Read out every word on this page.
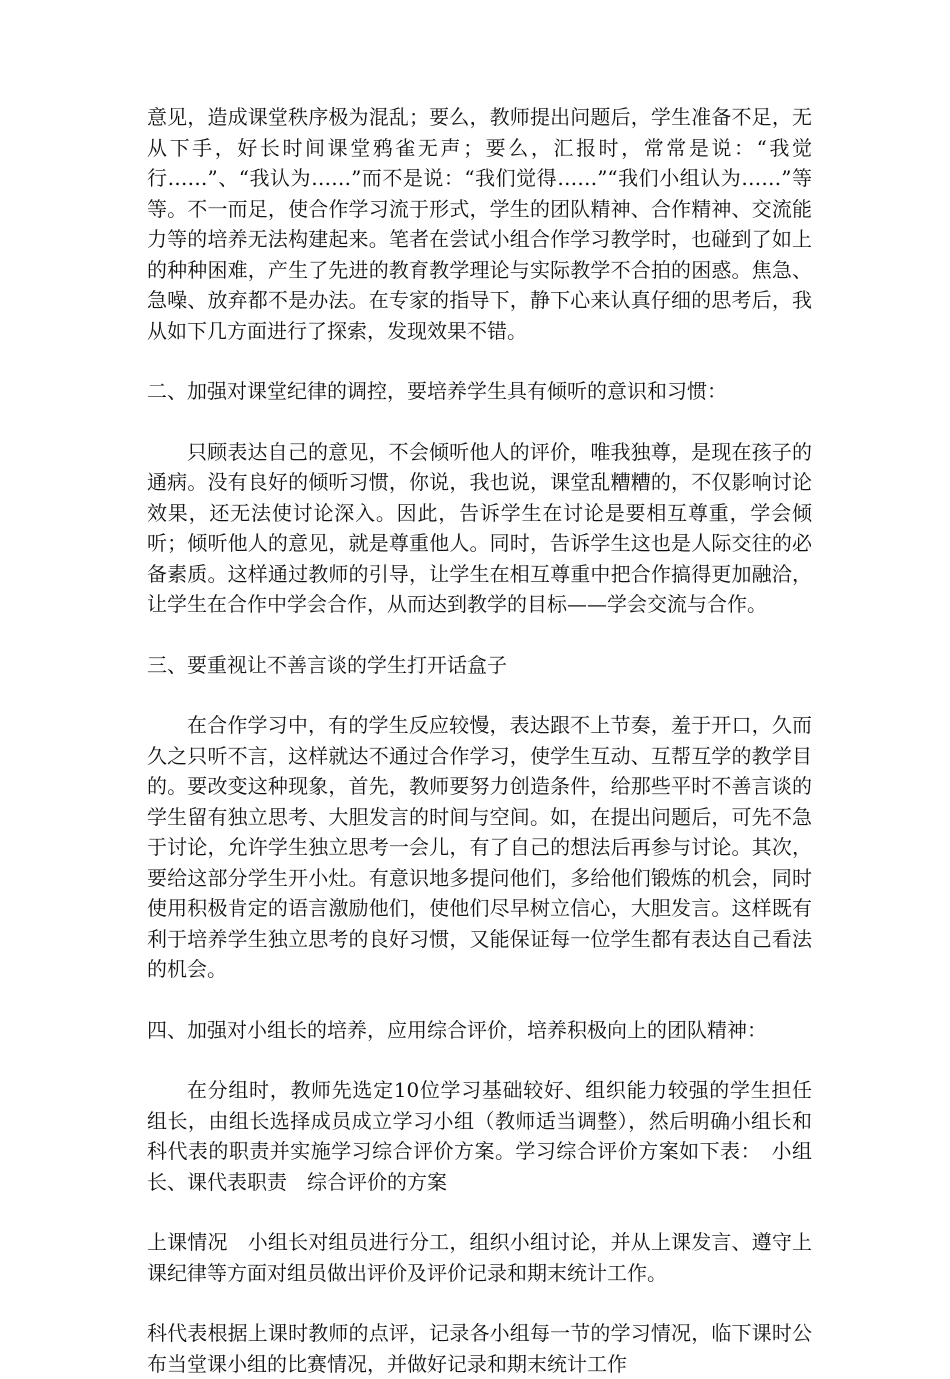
意见，造成课堂秩序极为混乱；要么，教师提出问题后，学生准备不足，无从下手，好长时间课堂鸦雀无声；要么，汇报时，常常是说：“我觉行……”、“我认为……”而不是说：“我们觉得……”“我们小组认为……”等等。不一而足，使合作学习流于形式，学生的团队精神、合作精神、交流能力等的培养无法构建起来。笔者在尝试小组合作学习教学时，也碰到了如上的种种困难，产生了先进的教育教学理论与实际教学不合拍的困惑。焦急、急噪、放弃都不是办法。在专家的指导下，静下心来认真仔细的思考后，我从如下几方面进行了探索，发现效果不错。

二、加强对课堂纪律的调控，要培养学生具有倾听的意识和习惯：

只顾表达自己的意见，不会倾听他人的评价，唯我独尊，是现在孩子的通病。没有良好的倾听习惯，你说，我也说，课堂乱糟糟的，不仅影响讨论效果，还无法使讨论深入。因此，告诉学生在讨论是要相互尊重，学会倾听；倾听他人的意见，就是尊重他人。同时，告诉学生这也是人际交往的必备素质。这样通过教师的引导，让学生在相互尊重中把合作搞得更加融洽，让学生在合作中学会合作，从而达到教学的目标——学会交流与合作。

三、要重视让不善言谈的学生打开话盒子

在合作学习中，有的学生反应较慢，表达跟不上节奏，羞于开口，久而久之只听不言，这样就达不通过合作学习，使学生互动、互帮互学的教学目的。要改变这种现象，首先，教师要努力创造条件，给那些平时不善言谈的学生留有独立思考、大胆发言的时间与空间。如，在提出问题后，可先不急于讨论，允许学生独立思考一会儿，有了自己的想法后再参与讨论。其次，要给这部分学生开小灶。有意识地多提问他们，多给他们锻炼的机会，同时使用积极肯定的语言激励他们，使他们尽早树立信心，大胆发言。这样既有利于培养学生独立思考的良好习惯，又能保证每一位学生都有表达自己看法的机会。

四、加强对小组长的培养，应用综合评价，培养积极向上的团队精神：

在分组时，教师先选定10位学习基础较好、组织能力较强的学生担任组长，由组长选择成员成立学习小组（教师适当调整），然后明确小组长和科代表的职责并实施学习综合评价方案。学习综合评价方案如下表：　小组长、课代表职责　综合评价的方案

上课情况　小组长对组员进行分工，组织小组讨论，并从上课发言、遵守上课纪律等方面对组员做出评价及评价记录和期末统计工作。

科代表根据上课时教师的点评，记录各小组每一节的学习情况，临下课时公布当堂课小组的比赛情况，并做好记录和期末统计工作
